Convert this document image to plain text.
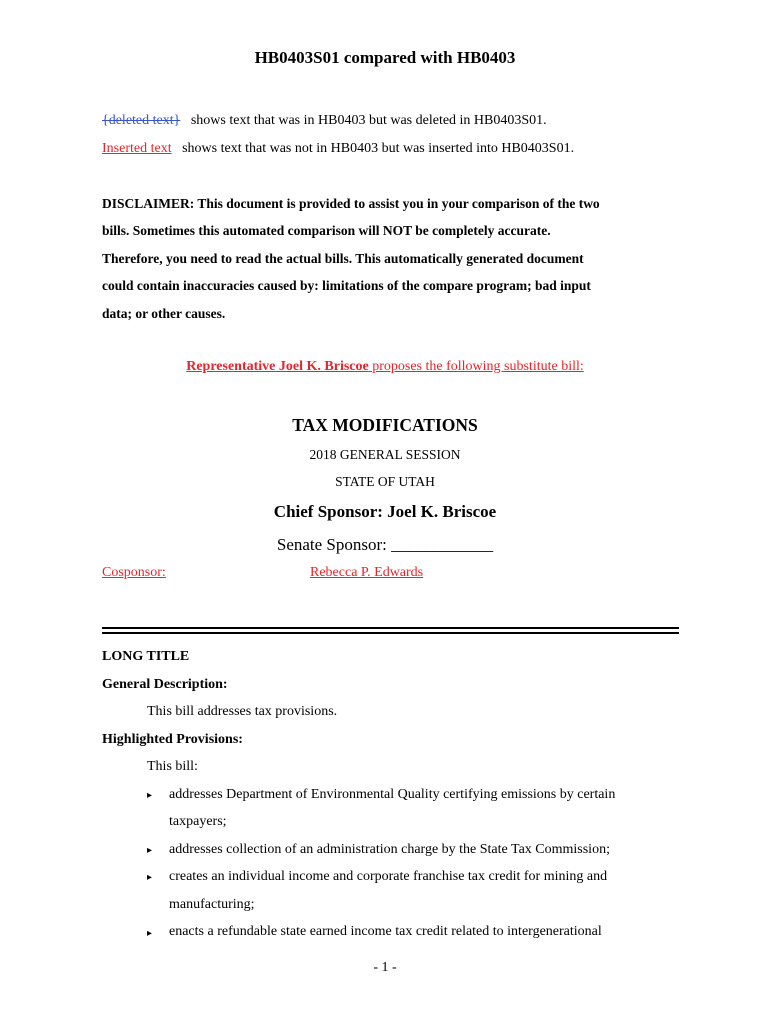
HB0403S01 compared with HB0403
{deleted text} shows text that was in HB0403 but was deleted in HB0403S01.
Inserted text shows text that was not in HB0403 but was inserted into HB0403S01.
DISCLAIMER: This document is provided to assist you in your comparison of the two
bills. Sometimes this automated comparison will NOT be completely accurate.
Therefore, you need to read the actual bills. This automatically generated document
could contain inaccuracies caused by: limitations of the compare program; bad input
data; or other causes.
Representative Joel K. Briscoe proposes the following substitute bill:
TAX MODIFICATIONS
2018 GENERAL SESSION
STATE OF UTAH
Chief Sponsor: Joel K. Briscoe
Senate Sponsor: ____________
Cosponsor:	Rebecca P. Edwards
LONG TITLE
General Description:
This bill addresses tax provisions.
Highlighted Provisions:
This bill:
▸ addresses Department of Environmental Quality certifying emissions by certain
taxpayers;
▸ addresses collection of an administration charge by the State Tax Commission;
▸ creates an individual income and corporate franchise tax credit for mining and
manufacturing;
▸ enacts a refundable state earned income tax credit related to intergenerational
- 1 -
